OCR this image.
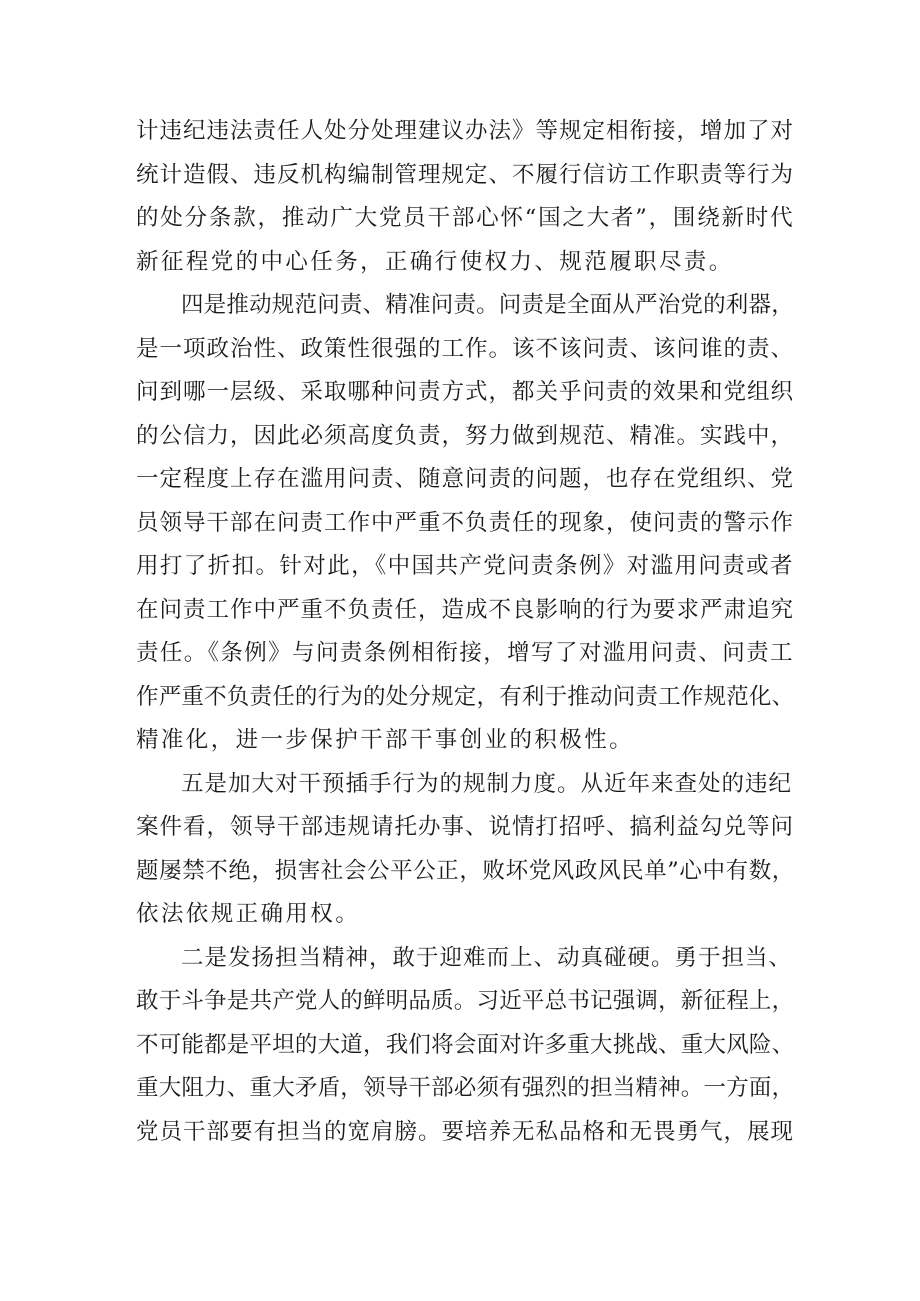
计违纪违法责任人处分处理建议办法》等规定相衔接，增加了对
统计造假、违反机构编制管理规定、不履行信访工作职责等行为
的处分条款，推动广大党员干部心怀“国之大者”，围绕新时代
新征程党的中心任务，正确行使权力、规范履职尽责。
四是推动规范问责、精准问责。问责是全面从严治党的利器，
是一项政治性、政策性很强的工作。该不该问责、该问谁的责、
问到哪一层级、采取哪种问责方式，都关乎问责的效果和党组织
的公信力，因此必须高度负责，努力做到规范、精准。实践中，
一定程度上存在滥用问责、随意问责的问题，也存在党组织、党
员领导干部在问责工作中严重不负责任的现象，使问责的警示作
用打了折扣。针对此，《中国共产党问责条例》对滥用问责或者
在问责工作中严重不负责任，造成不良影响的行为要求严肃追究
责任。《条例》与问责条例相衔接，增写了对滥用问责、问责工
作严重不负责任的行为的处分规定，有利于推动问责工作规范化、
精准化，进一步保护干部干事创业的积极性。
五是加大对干预插手行为的规制力度。从近年来查处的违纪
案件看，领导干部违规请托办事、说情打招呼、搞利益勾兑等问
题屡禁不绝，损害社会公平公正，败坏党风政风民单”心中有数，
依法依规正确用权。
二是发扬担当精神，敢于迎难而上、动真碰硬。勇于担当、
敢于斗争是共产党人的鲜明品质。习近平总书记强调，新征程上，
不可能都是平坦的大道，我们将会面对许多重大挑战、重大风险、
重大阻力、重大矛盾，领导干部必须有强烈的担当精神。一方面，
党员干部要有担当的宽肩膀。要培养无私品格和无畏勇气，展现
